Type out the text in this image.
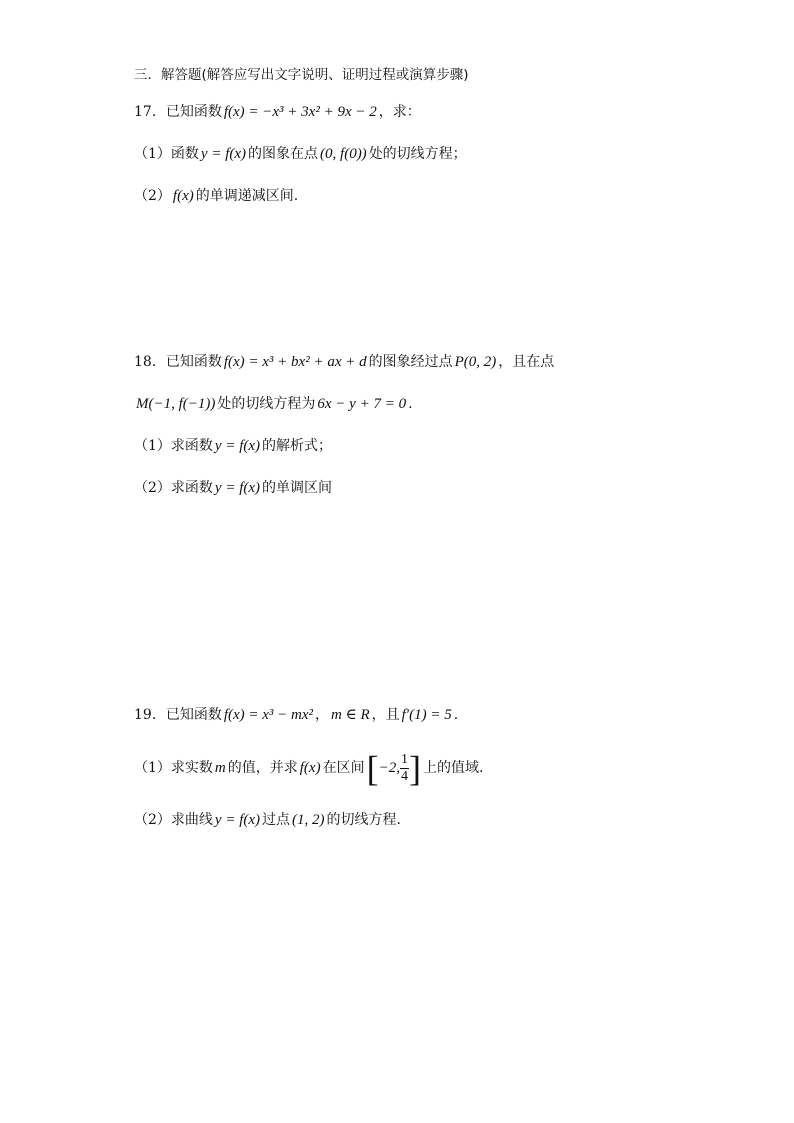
三．解答题(解答应写出文字说明、证明过程或演算步骤)
17．已知函数 f(x) = −x³ + 3x² + 9x − 2 ，求：
（1）函数 y = f(x) 的图象在点 (0, f(0)) 处的切线方程；
（2） f(x) 的单调递减区间.
18．已知函数 f(x) = x³ + bx² + ax + d 的图象经过点 P(0, 2) ，且在点
M(−1, f(−1)) 处的切线方程为 6x − y + 7 = 0 .
（1）求函数 y = f(x) 的解析式；
（2）求函数 y = f(x) 的单调区间
19．已知函数 f(x) = x³ − mx² ， m ∈ R ，且 f′(1) = 5 .
（1）求实数 m 的值，并求 f(x) 在区间[−2, $\frac{1}{4}$ ] 上的值域.
（2）求曲线 y = f(x) 过点 (1, 2) 的切线方程.
